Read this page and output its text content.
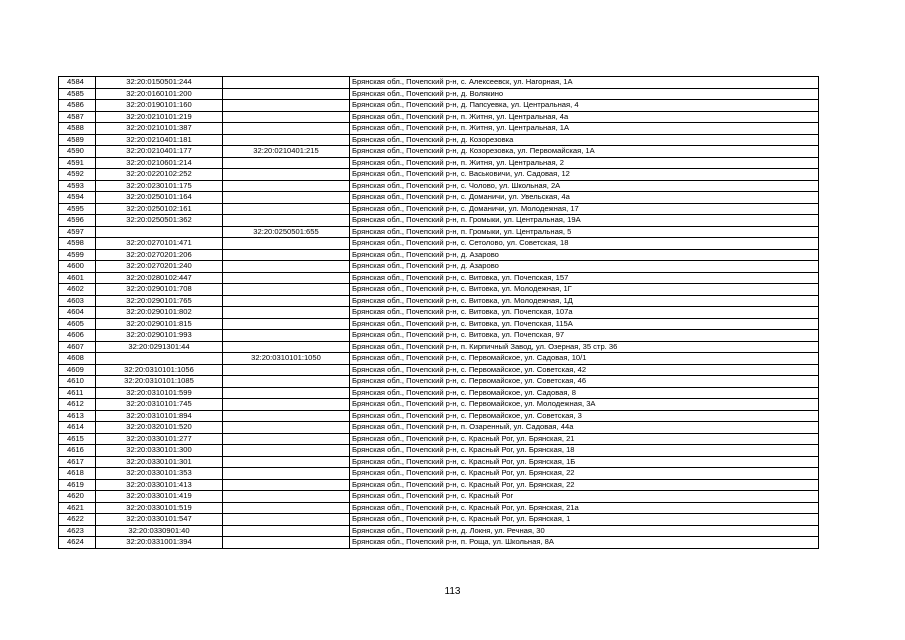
4584	32:20:0150501:244		Брянская обл., Почепский р-н, с. Алексеевск, ул. Нагорная, 1А
4585	32:20:0160101:200		Брянская обл., Почепский р-н, д. Волякино
4586	32:20:0190101:160		Брянская обл., Почепский р-н, д. Папсуевка, ул. Центральная, 4
4587	32:20:0210101:219		Брянская обл., Почепский р-н, п. Житня, ул. Центральная, 4а
4588	32:20:0210101:387		Брянская обл., Почепский р-н, п. Житня, ул. Центральная, 1А
4589	32:20:0210401:181		Брянская обл., Почепский р-н, д. Козорезовка
4590	32:20:0210401:177	32:20:0210401:215	Брянская обл., Почепский р-н, д. Козорезовка, ул. Первомайская, 1А
4591	32:20:0210601:214		Брянская обл., Почепский р-н, п. Житня, ул. Центральная, 2
4592	32:20:0220102:252		Брянская обл., Почепский р-н, с. Васьковичи, ул. Садовая, 12
4593	32:20:0230101:175		Брянская обл., Почепский р-н, с. Чолово, ул. Школьная, 2А
4594	32:20:0250101:164		Брянская обл., Почепский р-н, с. Доманичи, ул. Увельская, 4а
4595	32:20:0250102:161		Брянская обл., Почепский р-н, с. Доманичи, ул. Молодежная, 17
4596	32:20:0250501:362		Брянская обл., Почепский р-н, п. Громыки, ул. Центральная, 19А
4597		32:20:0250501:655	Брянская обл., Почепский р-н, п. Громыки, ул. Центральная, 5
4598	32:20:0270101:471		Брянская обл., Почепский р-н, с. Сетолово, ул. Советская, 18
4599	32:20:0270201:206		Брянская обл., Почепский р-н, д. Азарово
4600	32:20:0270201:240		Брянская обл., Почепский р-н, д. Азарово
4601	32:20:0280102:447		Брянская обл., Почепский р-н, с. Витовка, ул. Почепская, 157
4602	32:20:0290101:708		Брянская обл., Почепский р-н, с. Витовка, ул. Молодежная, 1Г
4603	32:20:0290101:765		Брянская обл., Почепский р-н, с. Витовка, ул. Молодежная, 1Д
4604	32:20:0290101:802		Брянская обл., Почепский р-н, с. Витовка, ул. Почепская, 107а
4605	32:20:0290101:815		Брянская обл., Почепский р-н, с. Витовка, ул. Почепская, 115А
4606	32:20:0290101:993		Брянская обл., Почепский р-н, с. Витовка, ул. Почепская, 97
4607	32:20:0291301:44		Брянская обл., Почепский р-н, п. Кирпичный Завод, ул. Озерная, 35 стр. 36
4608		32:20:0310101:1050	Брянская обл., Почепский р-н, с. Первомайское, ул. Садовая, 10/1
4609	32:20:0310101:1056		Брянская обл., Почепский р-н, с. Первомайское, ул. Советская, 42
4610	32:20:0310101:1085		Брянская обл., Почепский р-н, с. Первомайское, ул. Советская, 46
4611	32:20:0310101:599		Брянская обл., Почепский р-н, с. Первомайское, ул. Садовая, 8
4612	32:20:0310101:745		Брянская обл., Почепский р-н, с. Первомайское, ул. Молодежная, 3А
4613	32:20:0310101:894		Брянская обл., Почепский р-н, с. Первомайское, ул. Советская, 3
4614	32:20:0320101:520		Брянская обл., Почепский р-н, п. Озаренный, ул. Садовая, 44а
4615	32:20:0330101:277		Брянская обл., Почепский р-н, с. Красный Рог, ул. Брянская, 21
4616	32:20:0330101:300		Брянская обл., Почепский р-н, с. Красный Рог, ул. Брянская, 18
4617	32:20:0330101:301		Брянская обл., Почепский р-н, с. Красный Рог, ул. Брянская, 1Б
4618	32:20:0330101:353		Брянская обл., Почепский р-н, с. Красный Рог, ул. Брянская, 22
4619	32:20:0330101:413		Брянская обл., Почепский р-н, с. Красный Рог, ул. Брянская, 22
4620	32:20:0330101:419		Брянская обл., Почепский р-н, с. Красный Рог
4621	32:20:0330101:519		Брянская обл., Почепский р-н, с. Красный Рог, ул. Брянская, 21а
4622	32:20:0330101:547		Брянская обл., Почепский р-н, с. Красный Рог, ул. Брянская, 1
4623	32:20:0330901:40		Брянская обл., Почепский р-н, д. Локня, ул. Речная, 30
4624	32:20:0331001:394		Брянская обл., Почепский р-н, п. Роща, ул. Школьная, 8А
113
